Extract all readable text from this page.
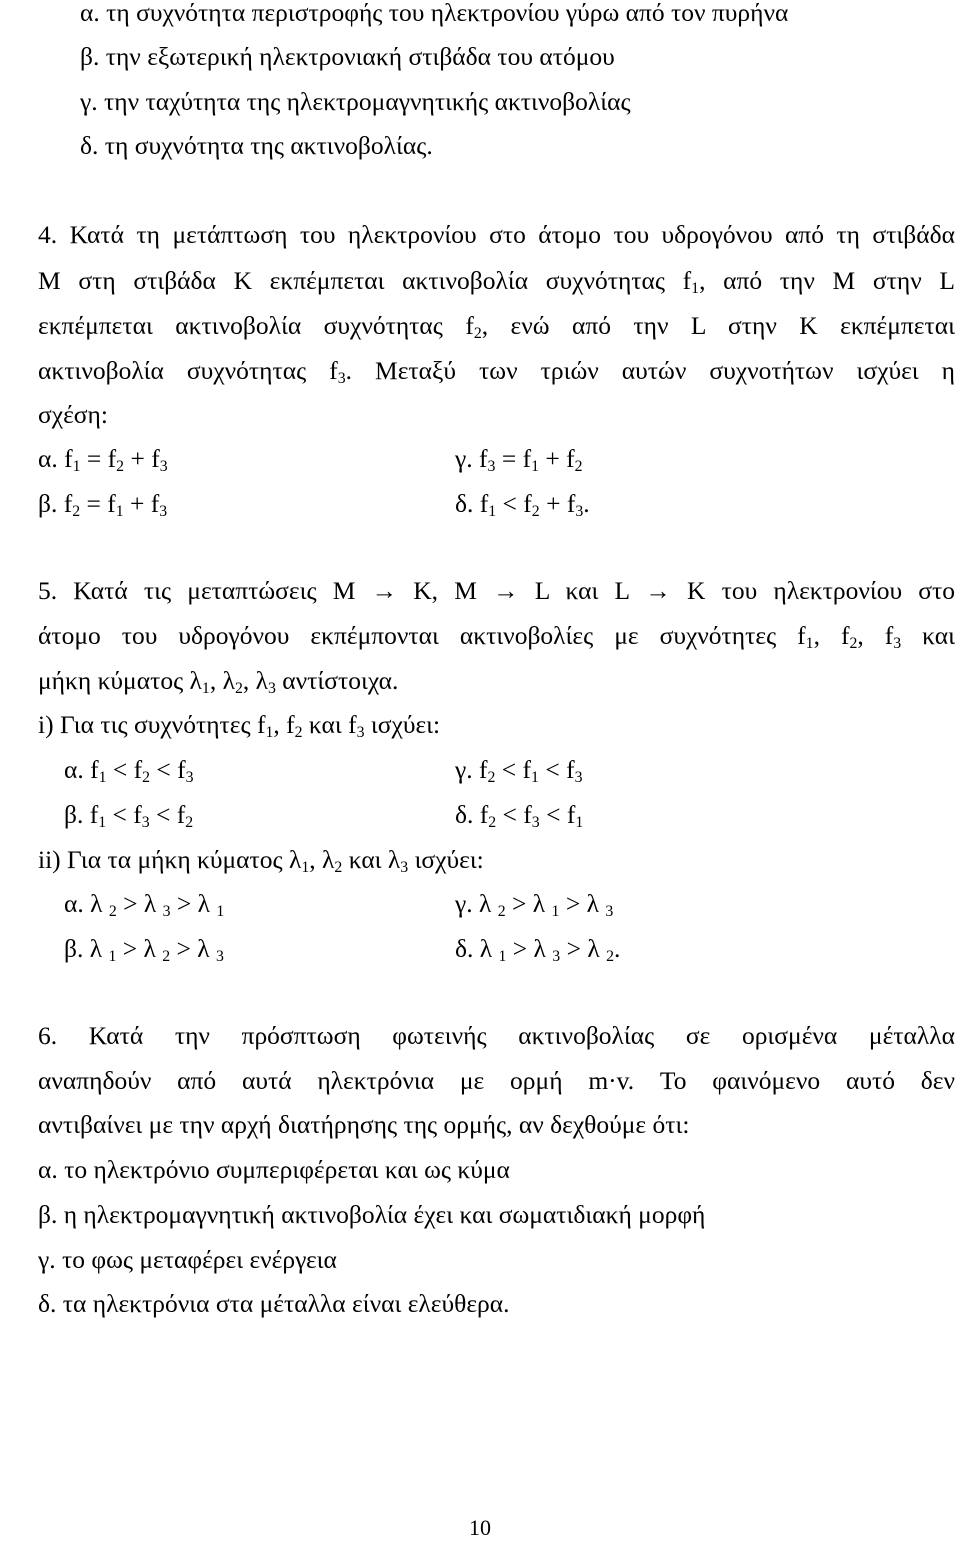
α. τη συχνότητα περιστροφής του ηλεκτρονίου γύρω από τον πυρήνα
β. την εξωτερική ηλεκτρονιακή στιβάδα του ατόμου
γ. την ταχύτητα της ηλεκτρομαγνητικής ακτινοβολίας
δ. τη συχνότητα της ακτινοβολίας.
4. Κατά τη μετάπτωση του ηλεκτρονίου στο άτομο του υδρογόνου από τη στιβάδα
M στη στιβάδα K εκπέμπεται ακτινοβολία συχνότητας $f_1$, από την M στην L
εκπέμπεται ακτινοβολία συχνότητας $f_2$, ενώ από την L στην K εκπέμπεται
ακτινοβολία συχνότητας $f_3$. Μεταξύ των τριών αυτών συχνοτήτων ισχύει η
σχέση:
α. $f_1 = f_2 + f_3$	γ. $f_3 = f_1 + f_2$
β. $f_2 = f_1 + f_3$	δ. $f_1 < f_2 + f_3$.
5. Κατά τις μεταπτώσεις M → K, M → L και L → K του ηλεκτρονίου στο
άτομο του υδρογόνου εκπέμπονται ακτινοβολίες με συχνότητες $f_1$, $f_2$, $f_3$ και
μήκη κύματος $\lambda_1$, $\lambda_2$, $\lambda_3$ αντίστοιχα.
i) Για τις συχνότητες $f_1$, $f_2$ και $f_3$ ισχύει:
α. $f_1 < f_2 < f_3$	γ. $f_2 < f_1 < f_3$
β. $f_1 < f_3 < f_2$	δ. $f_2 < f_3 < f_1$
ii) Για τα μήκη κύματος $\lambda_1$, $\lambda_2$ και $\lambda_3$ ισχύει:
α. λ $_2$ > λ $_3$ > λ $_1$	γ. λ $_2$ > λ $_1$ > λ $_3$
β. λ $_1$ > λ $_2$ > λ $_3$	δ. λ $_1$ > λ $_3$ > λ $_2$.
6. Κατά την πρόσπτωση φωτεινής ακτινοβολίας σε ορισμένα μέταλλα
αναπηδούν από αυτά ηλεκτρόνια με ορμή m·v. Το φαινόμενο αυτό δεν
αντιβαίνει με την αρχή διατήρησης της ορμής, αν δεχθούμε ότι:
α. το ηλεκτρόνιο συμπεριφέρεται και ως κύμα
β. η ηλεκτρομαγνητική ακτινοβολία έχει και σωματιδιακή μορφή
γ. το φως μεταφέρει ενέργεια
δ. τα ηλεκτρόνια στα μέταλλα είναι ελεύθερα.
10
